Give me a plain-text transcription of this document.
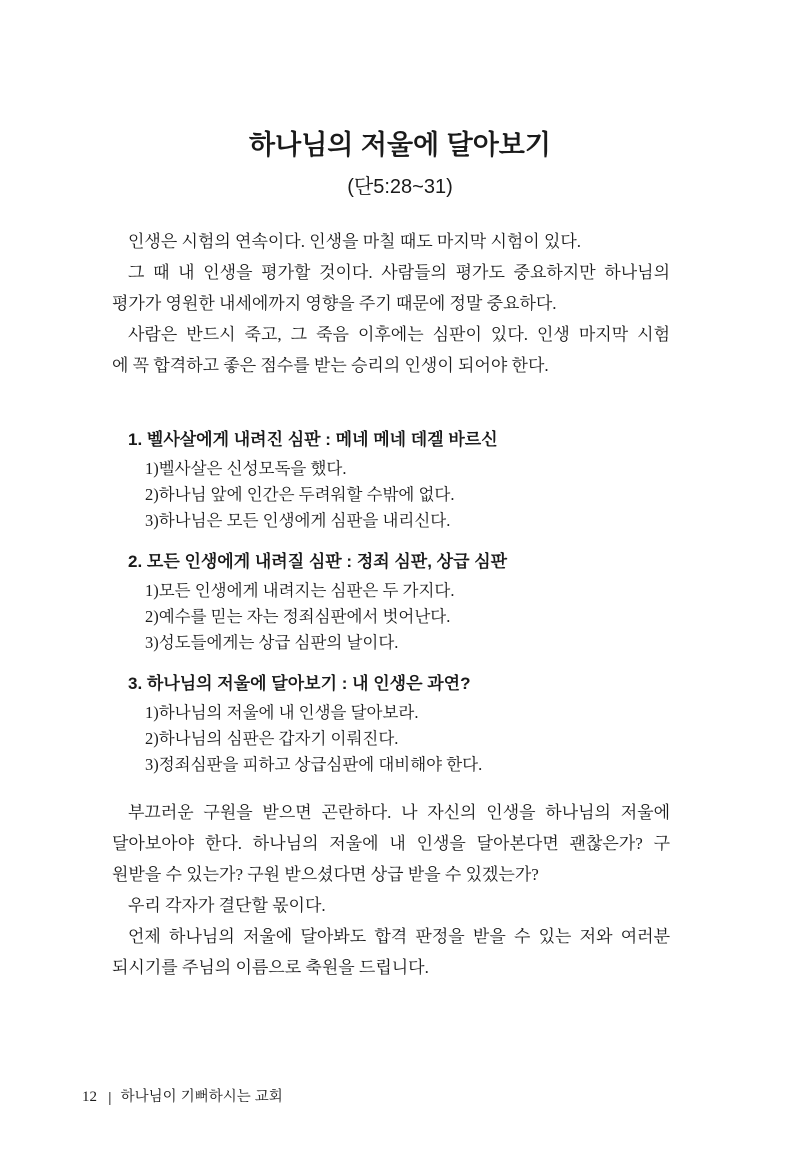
하나님의 저울에 달아보기
(단5:28~31)

인생은 시험의 연속이다. 인생을 마칠 때도 마지막 시험이 있다.

그 때 내 인생을 평가할 것이다. 사람들의 평가도 중요하지만 하나님의
평가가 영원한 내세에까지 영향을 주기 때문에 정말 중요하다.

사람은 반드시 죽고, 그 죽음 이후에는 심판이 있다. 인생 마지막 시험
에 꼭 합격하고 좋은 점수를 받는 승리의 인생이 되어야 한다.

1. 벨사살에게 내려진 심판 : 메네 메네 데겔 바르신
1)벨사살은 신성모독을 했다.
2)하나님 앞에 인간은 두려워할 수밖에 없다.
3)하나님은 모든 인생에게 심판을 내리신다.
2. 모든 인생에게 내려질 심판 : 정죄 심판, 상급 심판
1)모든 인생에게 내려지는 심판은 두 가지다.
2)예수를 믿는 자는 정죄심판에서 벗어난다.
3)성도들에게는 상급 심판의 날이다.
3. 하나님의 저울에 달아보기 : 내 인생은 과연?
1)하나님의 저울에 내 인생을 달아보라.
2)하나님의 심판은 갑자기 이뤄진다.
3)정죄심판을 피하고 상급심판에 대비해야 한다.

부끄러운 구원을 받으면 곤란하다. 나 자신의 인생을 하나님의 저울에
달아보아야 한다. 하나님의 저울에 내 인생을 달아본다면 괜찮은가? 구
원받을 수 있는가? 구원 받으셨다면 상급 받을 수 있겠는가?

우리 각자가 결단할 몫이다.

언제 하나님의 저울에 달아봐도 합격 판정을 받을 수 있는 저와 여러분
되시기를 주님의 이름으로 축원을 드립니다.

12 | 하나님이 기뻐하시는 교회
